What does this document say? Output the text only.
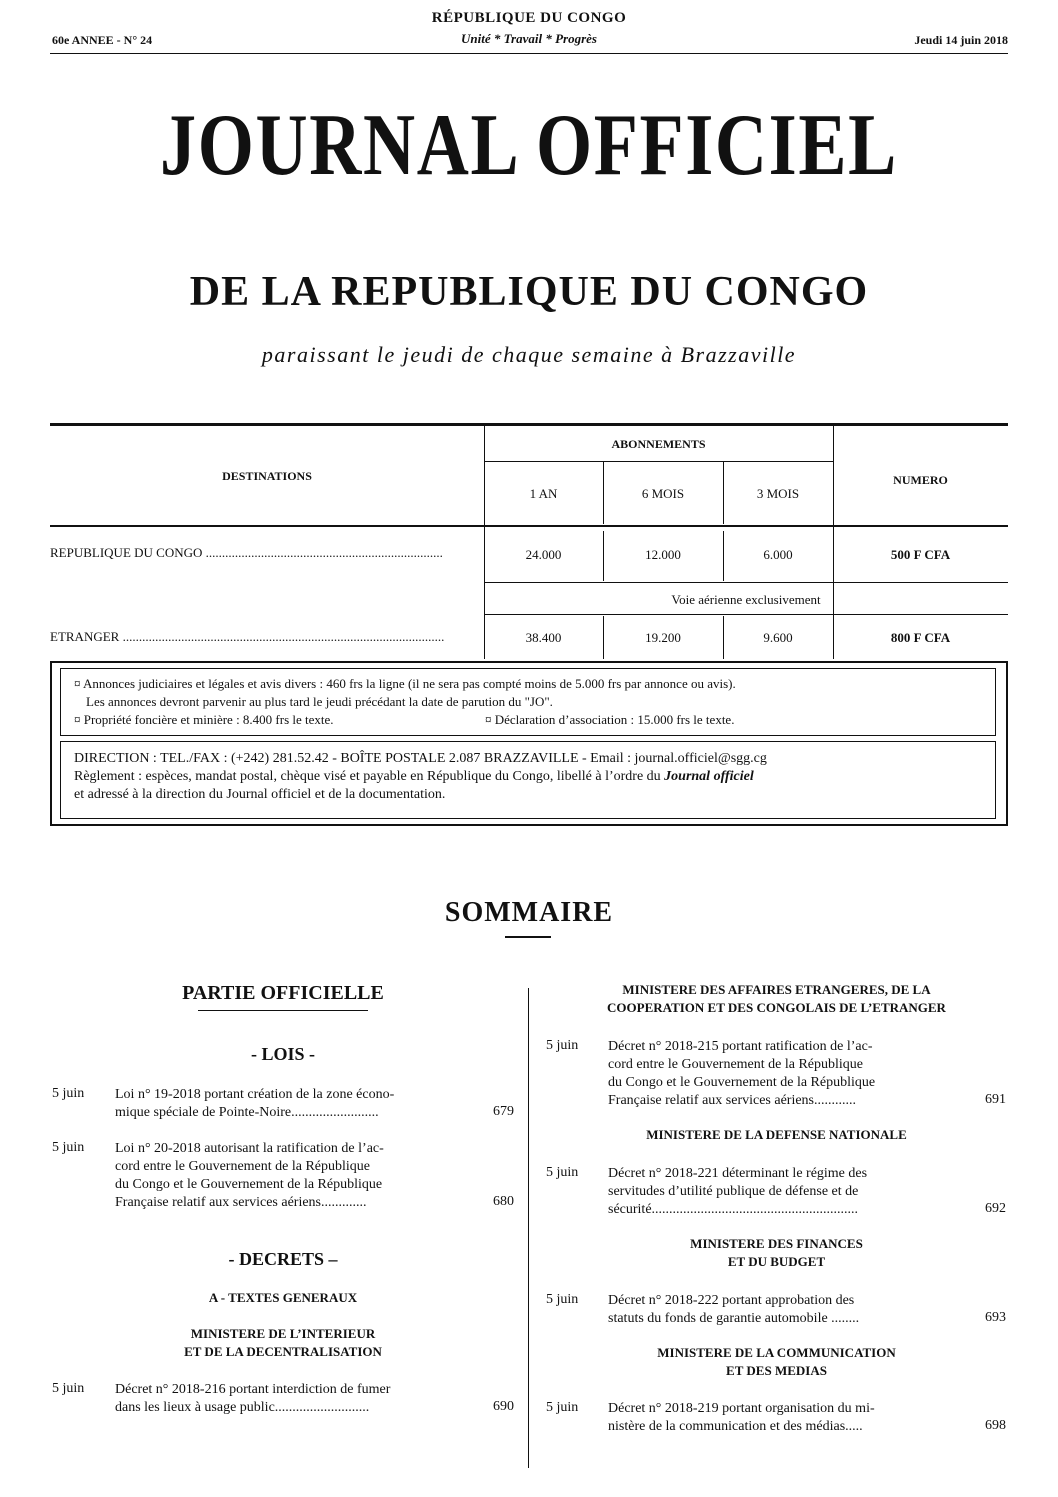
RÉPUBLIQUE DU CONGO
Unité * Travail * Progrès
60e ANNEE - N° 24	Jeudi 14 juin 2018
JOURNAL OFFICIEL
DE LA REPUBLIQUE DU CONGO
paraissant le jeudi de chaque semaine à Brazzaville
DESTINATIONS
ABONNEMENTS
NUMERO
1 AN	6 MOIS	3 MOIS
REPUBLIQUE DU CONGO .........................................................................	24.000	12.000	6.000	500 F CFA
Voie aérienne exclusivement
ETRANGER ...................................................................................................	38.400	19.200	9.600	800 F CFA
¤ Annonces judiciaires et légales et avis divers : 460 frs la ligne (il ne sera pas compté moins de 5.000 frs par annonce ou avis).
Les annonces devront parvenir au plus tard le jeudi précédant la date de parution du "JO".
¤ Propriété foncière et minière : 8.400 frs le texte.	¤ Déclaration d’association : 15.000 frs le texte.
DIRECTION : TEL./FAX : (+242) 281.52.42 - BOÎTE POSTALE 2.087 BRAZZAVILLE - Email : journal.officiel@sgg.cg
Règlement : espèces, mandat postal, chèque visé et payable en République du Congo, libellé à l’ordre du Journal officiel
et adressé à la direction du Journal officiel et de la documentation.
SOMMAIRE
PARTIE OFFICIELLE
- LOIS -
5 juin Loi n° 19-2018 portant création de la zone écono-
mique spéciale de Pointe-Noire.........................	679
5 juin Loi n° 20-2018 autorisant la ratification de l’ac-
cord entre le Gouvernement de la République
du Congo et le Gouvernement de la République
Française relatif aux services aériens.............	680
- DECRETS –
A - TEXTES GENERAUX
MINISTERE DE L’INTERIEUR
ET DE LA DECENTRALISATION
5 juin Décret n° 2018-216 portant interdiction de fumer
dans les lieux à usage public...........................	690
MINISTERE DES AFFAIRES ETRANGERES, DE LA
COOPERATION ET DES CONGOLAIS DE L’ETRANGER
5 juin Décret n° 2018-215 portant ratification de l’ac-
cord entre le Gouvernement de la République
du Congo et le Gouvernement de la République
Française relatif aux services aériens............	691
MINISTERE DE LA DEFENSE NATIONALE
5 juin Décret n° 2018-221 déterminant le régime des
servitudes d’utilité publique de défense et de
sécurité...........................................................	692
MINISTERE DES FINANCES
ET DU BUDGET
5 juin Décret n° 2018-222 portant approbation des
statuts du fonds de garantie automobile ........	693
MINISTERE DE LA COMMUNICATION
ET DES MEDIAS
5 juin Décret n° 2018-219 portant organisation du mi-
nistère de la communication et des médias.....	698
